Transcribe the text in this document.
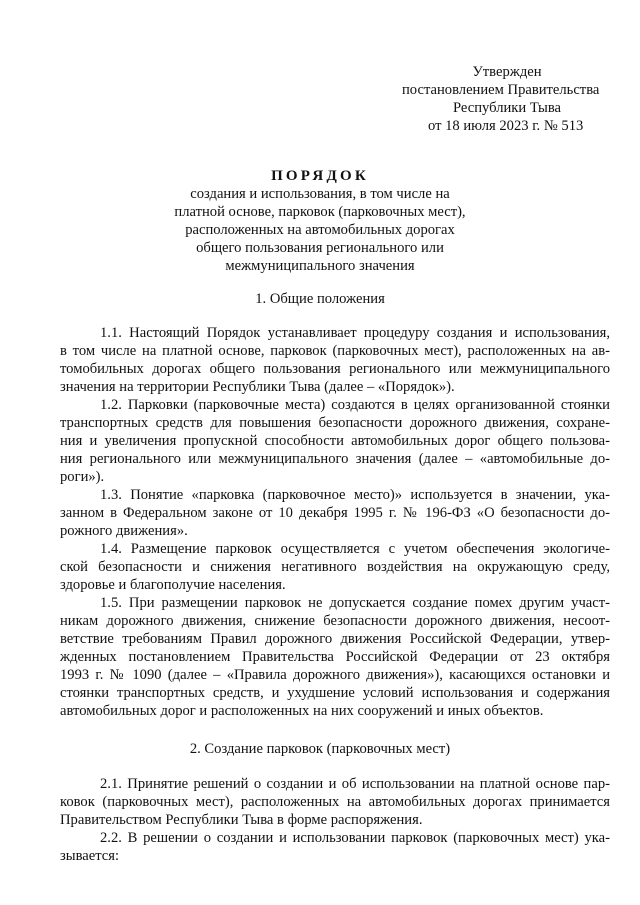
Утвержден
постановлением Правительства
Республики Тыва
от 18 июля 2023 г. № 513
ПОРЯДОК
создания и использования, в том числе на
платной основе, парковок (парковочных мест),
расположенных на автомобильных дорогах
общего пользования регионального или
межмуниципального значения
1. Общие положения
1.1. Настоящий Порядок устанавливает процедуру создания и использования,
в том числе на платной основе, парковок (парковочных мест), расположенных на ав-
томобильных дорогах общего пользования регионального или межмуниципального
значения на территории Республики Тыва (далее – «Порядок»).
1.2. Парковки (парковочные места) создаются в целях организованной стоянки
транспортных средств для повышения безопасности дорожного движения, сохране-
ния и увеличения пропускной способности автомобильных дорог общего пользова-
ния регионального или межмуниципального значения (далее – «автомобильные до-
роги»).
1.3. Понятие «парковка (парковочное место)» используется в значении, ука-
занном в Федеральном законе от 10 декабря 1995 г. № 196-ФЗ «О безопасности до-
рожного движения».
1.4. Размещение парковок осуществляется с учетом обеспечения экологиче-
ской безопасности и снижения негативного воздействия на окружающую среду,
здоровье и благополучие населения.
1.5. При размещении парковок не допускается создание помех другим участ-
никам дорожного движения, снижение безопасности дорожного движения, несоот-
ветствие требованиям Правил дорожного движения Российской Федерации, утвер-
жденных постановлением Правительства Российской Федерации от 23 октября
1993 г. № 1090 (далее – «Правила дорожного движения»), касающихся остановки и
стоянки транспортных средств, и ухудшение условий использования и содержания
автомобильных дорог и расположенных на них сооружений и иных объектов.
2. Создание парковок (парковочных мест)
2.1. Принятие решений о создании и об использовании на платной основе пар-
ковок (парковочных мест), расположенных на автомобильных дорогах принимается
Правительством Республики Тыва в форме распоряжения.
2.2. В решении о создании и использовании парковок (парковочных мест) ука-
зывается:
